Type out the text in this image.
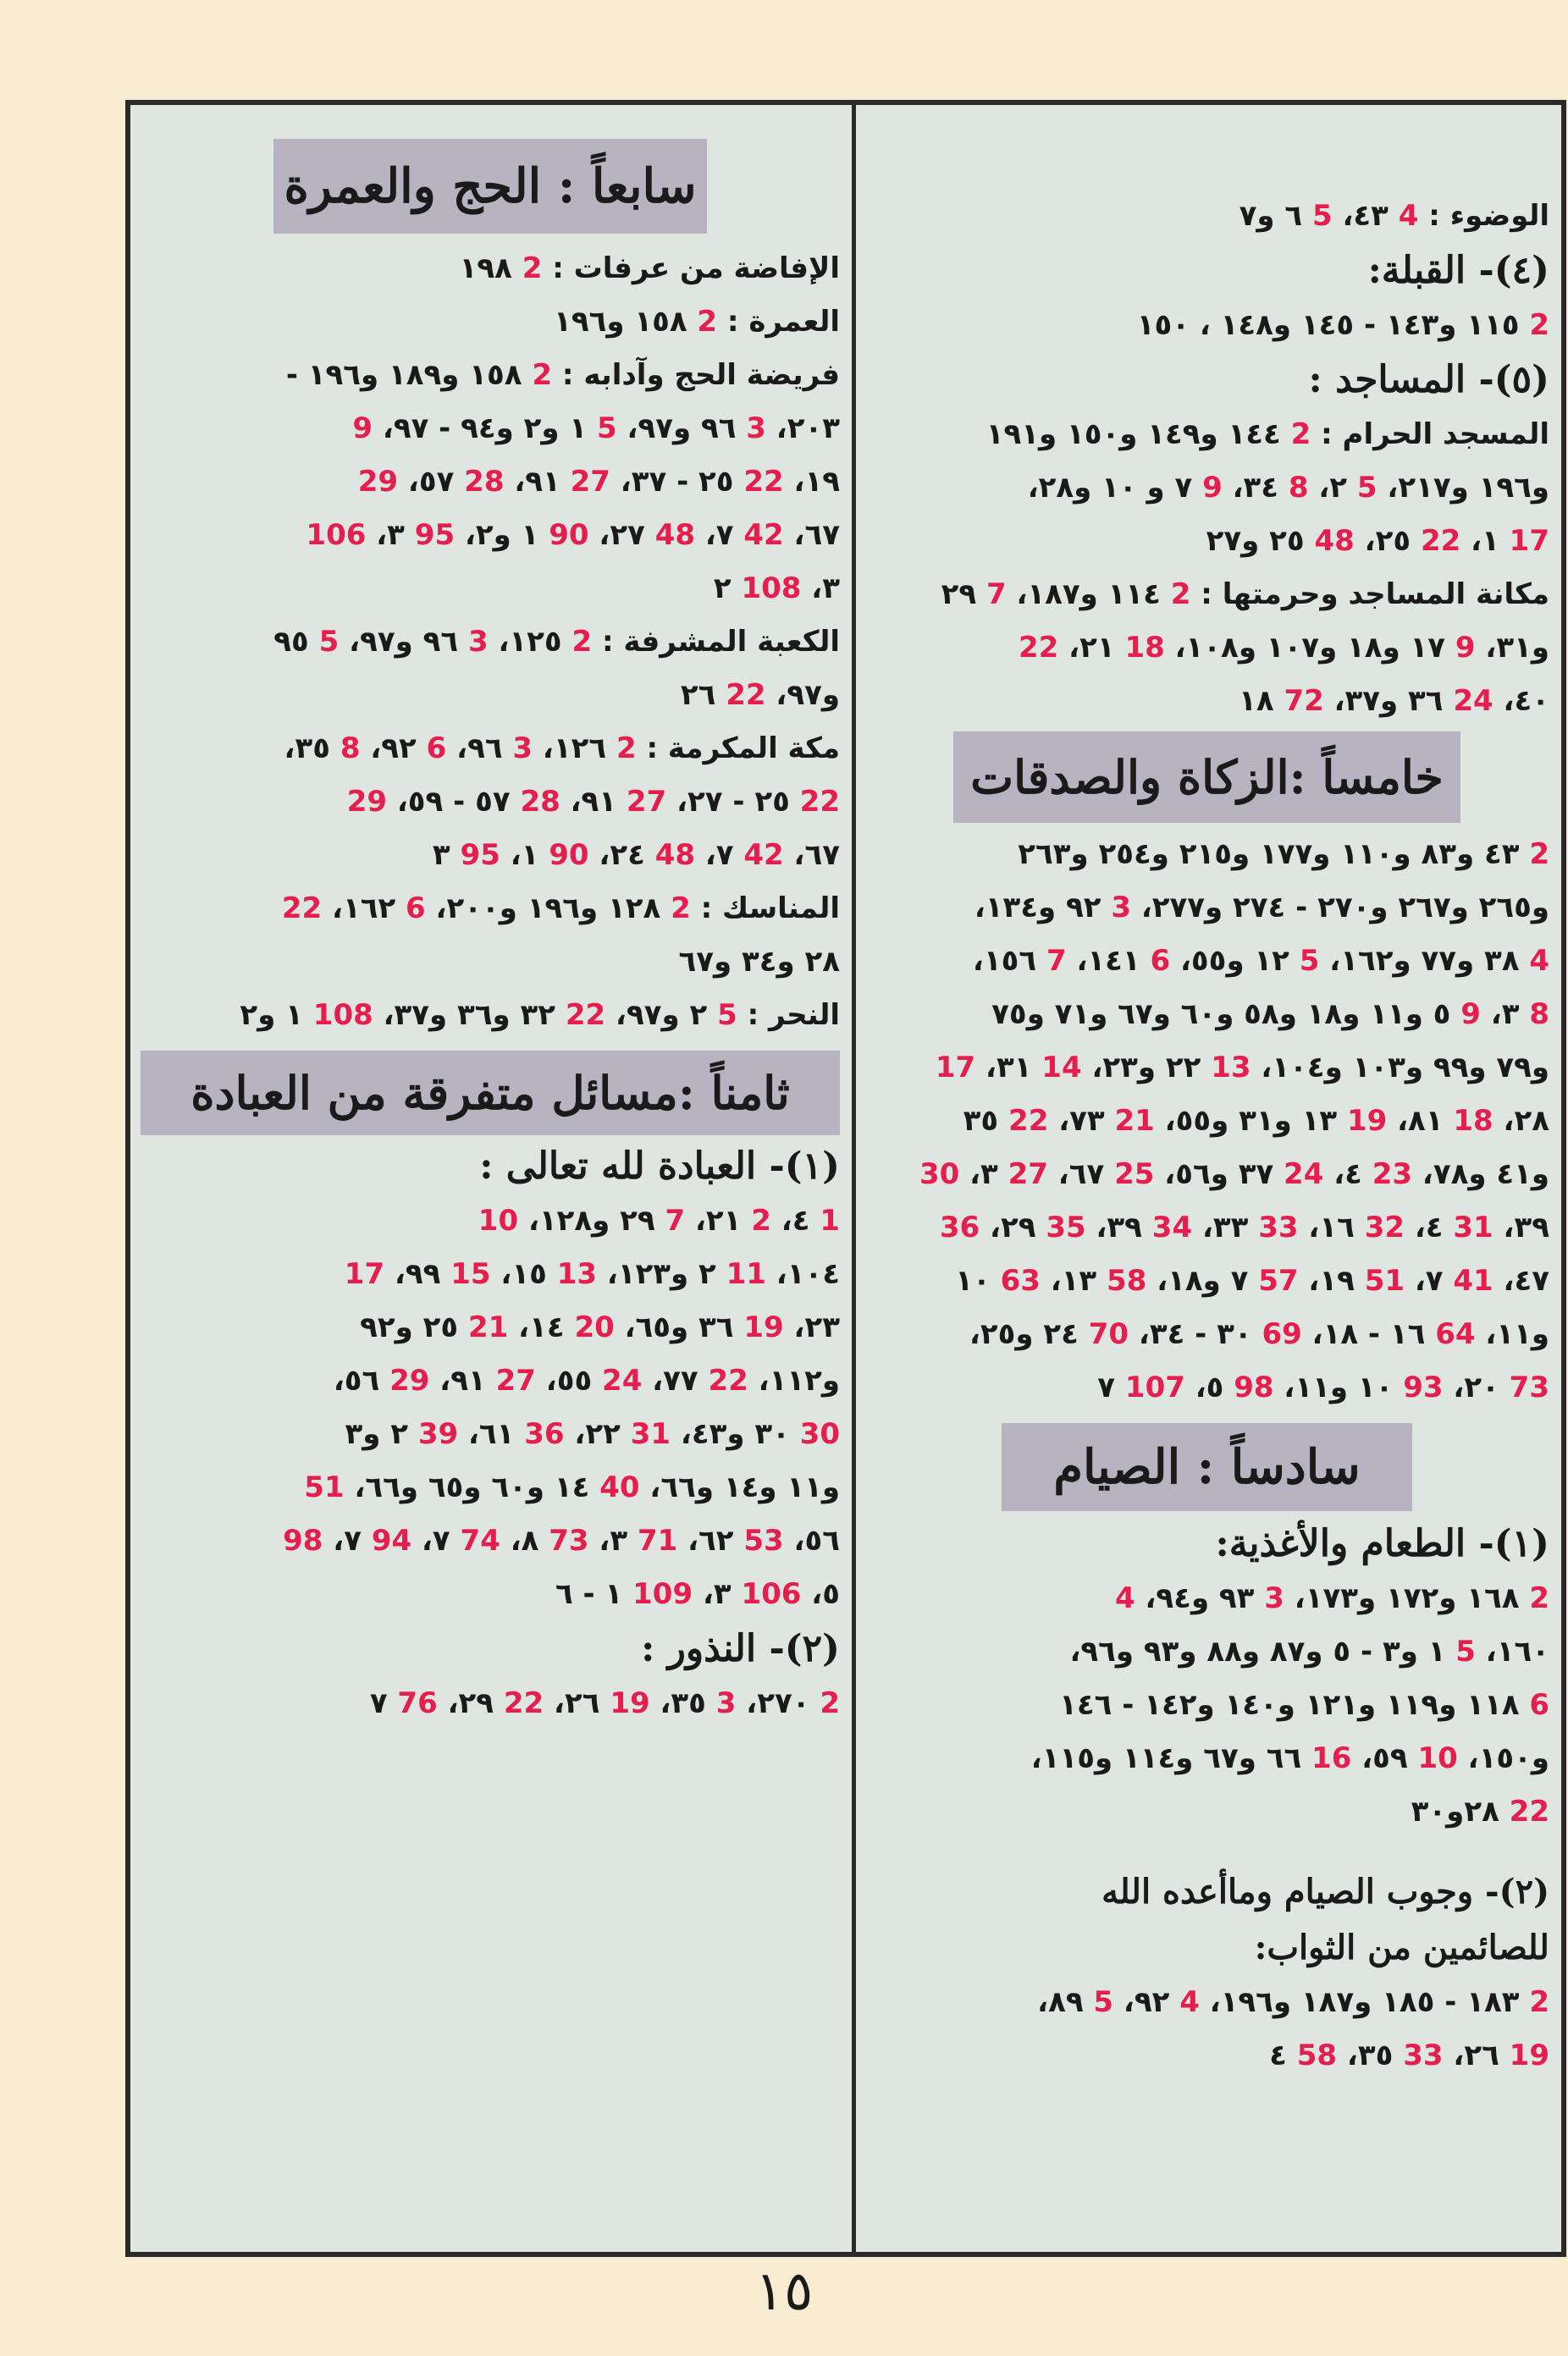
الوضوء : 4 ٤٣، 5 ٦ و٧
(٤)- القبلة:
2 ١١٥ و١٤٣ - ١٤٥ و١٤٨ ، ١٥٠
(٥)- المساجد :
المسجد الحرام : 2 ١٤٤ و١٤٩ و١٥٠ و١٩١
و١٩٦ و٢١٧، 5 ٢، 8 ٣٤، 9 ٧ و ١٠ و٢٨،
17 ١، 22 ٢٥، 48 ٢٥ و٢٧
مكانة المساجد وحرمتها : 2 ١١٤ و١٨٧، 7 ٢٩
و٣١، 9 ١٧ و١٨ و١٠٧ و١٠٨، 18 ٢١، 22
٤٠، 24 ٣٦ و٣٧، 72 ١٨
خامساً :الزكاة والصدقات
2 ٤٣ و٨٣ و١١٠ و١٧٧ و٢١٥ و٢٥٤ و٢٦٣
و٢٦٥ و٢٦٧ و٢٧٠ - ٢٧٤ و٢٧٧، 3 ٩٢ و١٣٤،
4 ٣٨ و٧٧ و١٦٢، 5 ١٢ و٥٥، 6 ١٤١، 7 ١٥٦،
8 ٣، 9 ٥ و١١ و١٨ و٥٨ و٦٠ و٦٧ و٧١ و٧٥
و٧٩ و٩٩ و١٠٣ و١٠٤، 13 ٢٢ و٢٣، 14 ٣١، 17
٢٨، 18 ٨١، 19 ١٣ و٣١ و٥٥، 21 ٧٣، 22 ٣٥
و٤١ و٧٨، 23 ٤، 24 ٣٧ و٥٦، 25 ٦٧، 27 ٣، 30
٣٩، 31 ٤، 32 ١٦، 33 ٣٣، 34 ٣٩، 35 ٢٩، 36
٤٧، 41 ٧، 51 ١٩، 57 ٧ و١٨، 58 ١٣، 63 ١٠
و١١، 64 ١٦ - ١٨، 69 ٣٠ - ٣٤، 70 ٢٤ و٢٥،
73 ٢٠، 93 ١٠ و١١، 98 ٥، 107 ٧
سادساً : الصيام
(١)- الطعام والأغذية:
2 ١٦٨ و١٧٢ و١٧٣، 3 ٩٣ و٩٤، 4
١٦٠، 5 ١ و٣ - ٥ و٨٧ و٨٨ و٩٣ و٩٦،
6 ١١٨ و١١٩ و١٢١ و١٤٠ و١٤٢ - ١٤٦
و١٥٠، 10 ٥٩، 16 ٦٦ و٦٧ و١١٤ و١١٥،
22 ٢٨و٣٠
(٢)- وجوب الصيام وماأعده الله
للصائمين من الثواب:
2 ١٨٣ - ١٨٥ و١٨٧ و١٩٦، 4 ٩٢، 5 ٨٩،
19 ٢٦، 33 ٣٥، 58 ٤
سابعاً : الحج والعمرة
الإفاضة من عرفات : 2 ١٩٨
العمرة : 2 ١٥٨ و١٩٦
فريضة الحج وآدابه : 2 ١٥٨ و١٨٩ و١٩٦ -
٢٠٣، 3 ٩٦ و٩٧، 5 ١ و٢ و٩٤ - ٩٧، 9
١٩، 22 ٢٥ - ٣٧، 27 ٩١، 28 ٥٧، 29
٦٧، 42 ٧، 48 ٢٧، 90 ١ و٢، 95 ٣، 106
٣، 108 ٢
الكعبة المشرفة : 2 ١٢٥، 3 ٩٦ و٩٧، 5 ٩٥
و٩٧، 22 ٢٦
مكة المكرمة : 2 ١٢٦، 3 ٩٦، 6 ٩٢، 8 ٣٥،
22 ٢٥ - ٢٧، 27 ٩١، 28 ٥٧ - ٥٩، 29
٦٧، 42 ٧، 48 ٢٤، 90 ١، 95 ٣
المناسك : 2 ١٢٨ و١٩٦ و٢٠٠، 6 ١٦٢، 22
٢٨ و٣٤ و٦٧
النحر : 5 ٢ و٩٧، 22 ٣٢ و٣٦ و٣٧، 108 ١ و٢
ثامناً :مسائل متفرقة من العبادة
(١)- العبادة لله تعالى :
1 ٤، 2 ٢١، 7 ٢٩ و١٢٨، 10
١٠٤، 11 ٢ و١٢٣، 13 ١٥، 15 ٩٩، 17
٢٣، 19 ٣٦ و٦٥، 20 ١٤، 21 ٢٥ و٩٢
و١١٢، 22 ٧٧، 24 ٥٥، 27 ٩١، 29 ٥٦،
30 ٣٠ و٤٣، 31 ٢٢، 36 ٦١، 39 ٢ و٣
و١١ و١٤ و٦٦، 40 ١٤ و٦٠ و٦٥ و٦٦، 51
٥٦، 53 ٦٢، 71 ٣، 73 ٨، 74 ٧، 94 ٧، 98
٥، 106 ٣، 109 ١ - ٦
(٢)- النذور :
2 ٢٧٠، 3 ٣٥، 19 ٢٦، 22 ٢٩، 76 ٧
١٥
